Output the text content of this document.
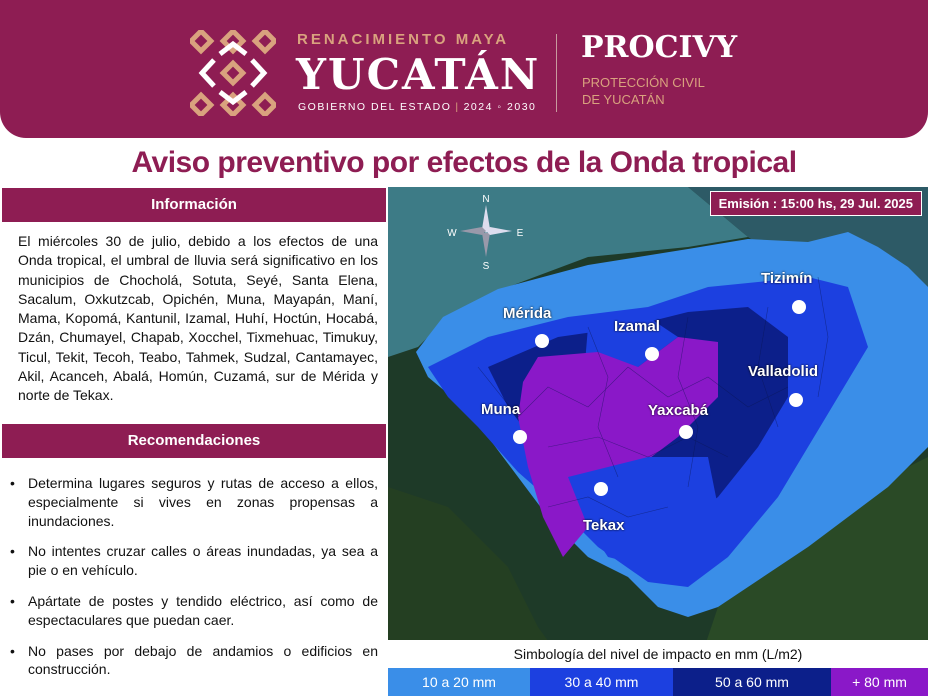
RENACIMIENTO MAYA
YUCATÁN
GOBIERNO DEL ESTADO | 2024 ◦ 2030
PROCIVY
PROTECCIÓN CIVIL
DE YUCATÁN
Aviso preventivo por efectos de la Onda tropical
Información
El miércoles 30 de julio, debido a los efectos de una Onda tropical, el umbral de lluvia será significativo en los municipios de Chocholá, Sotuta, Seyé, Santa Elena, Sacalum, Oxkutzcab, Opichén, Muna, Mayapán, Maní, Mama, Kopomá, Kantunil, Izamal, Huhí, Hoctún, Hocabá, Dzán, Chumayel, Chapab, Xocchel, Tixmehuac, Timukuy, Ticul, Tekit, Tecoh, Teabo, Tahmek, Sudzal, Cantamayec, Akil, Acanceh, Abalá, Homún, Cuzamá, sur de Mérida y norte de Tekax.
Recomendaciones
• Determina lugares seguros y rutas de acceso a ellos, especialmente si vives en zonas propensas a inundaciones.
• No intentes cruzar calles o áreas inundadas, ya sea a pie o en vehículo.
• Apártate de postes y tendido eléctrico, así como de espectaculares que puedan caer.
• No pases por debajo de andamios o edificios en construcción.
N
S
W	E
Emisión : 15:00 hs, 29 Jul. 2025
Tizimín
Mérida
Izamal
Valladolid
Muna	Yaxcabá
Tekax
Simbología del nivel de impacto en mm (L/m2)
10 a 20 mm	30 a 40 mm	50 a 60 mm	+ 80 mm
